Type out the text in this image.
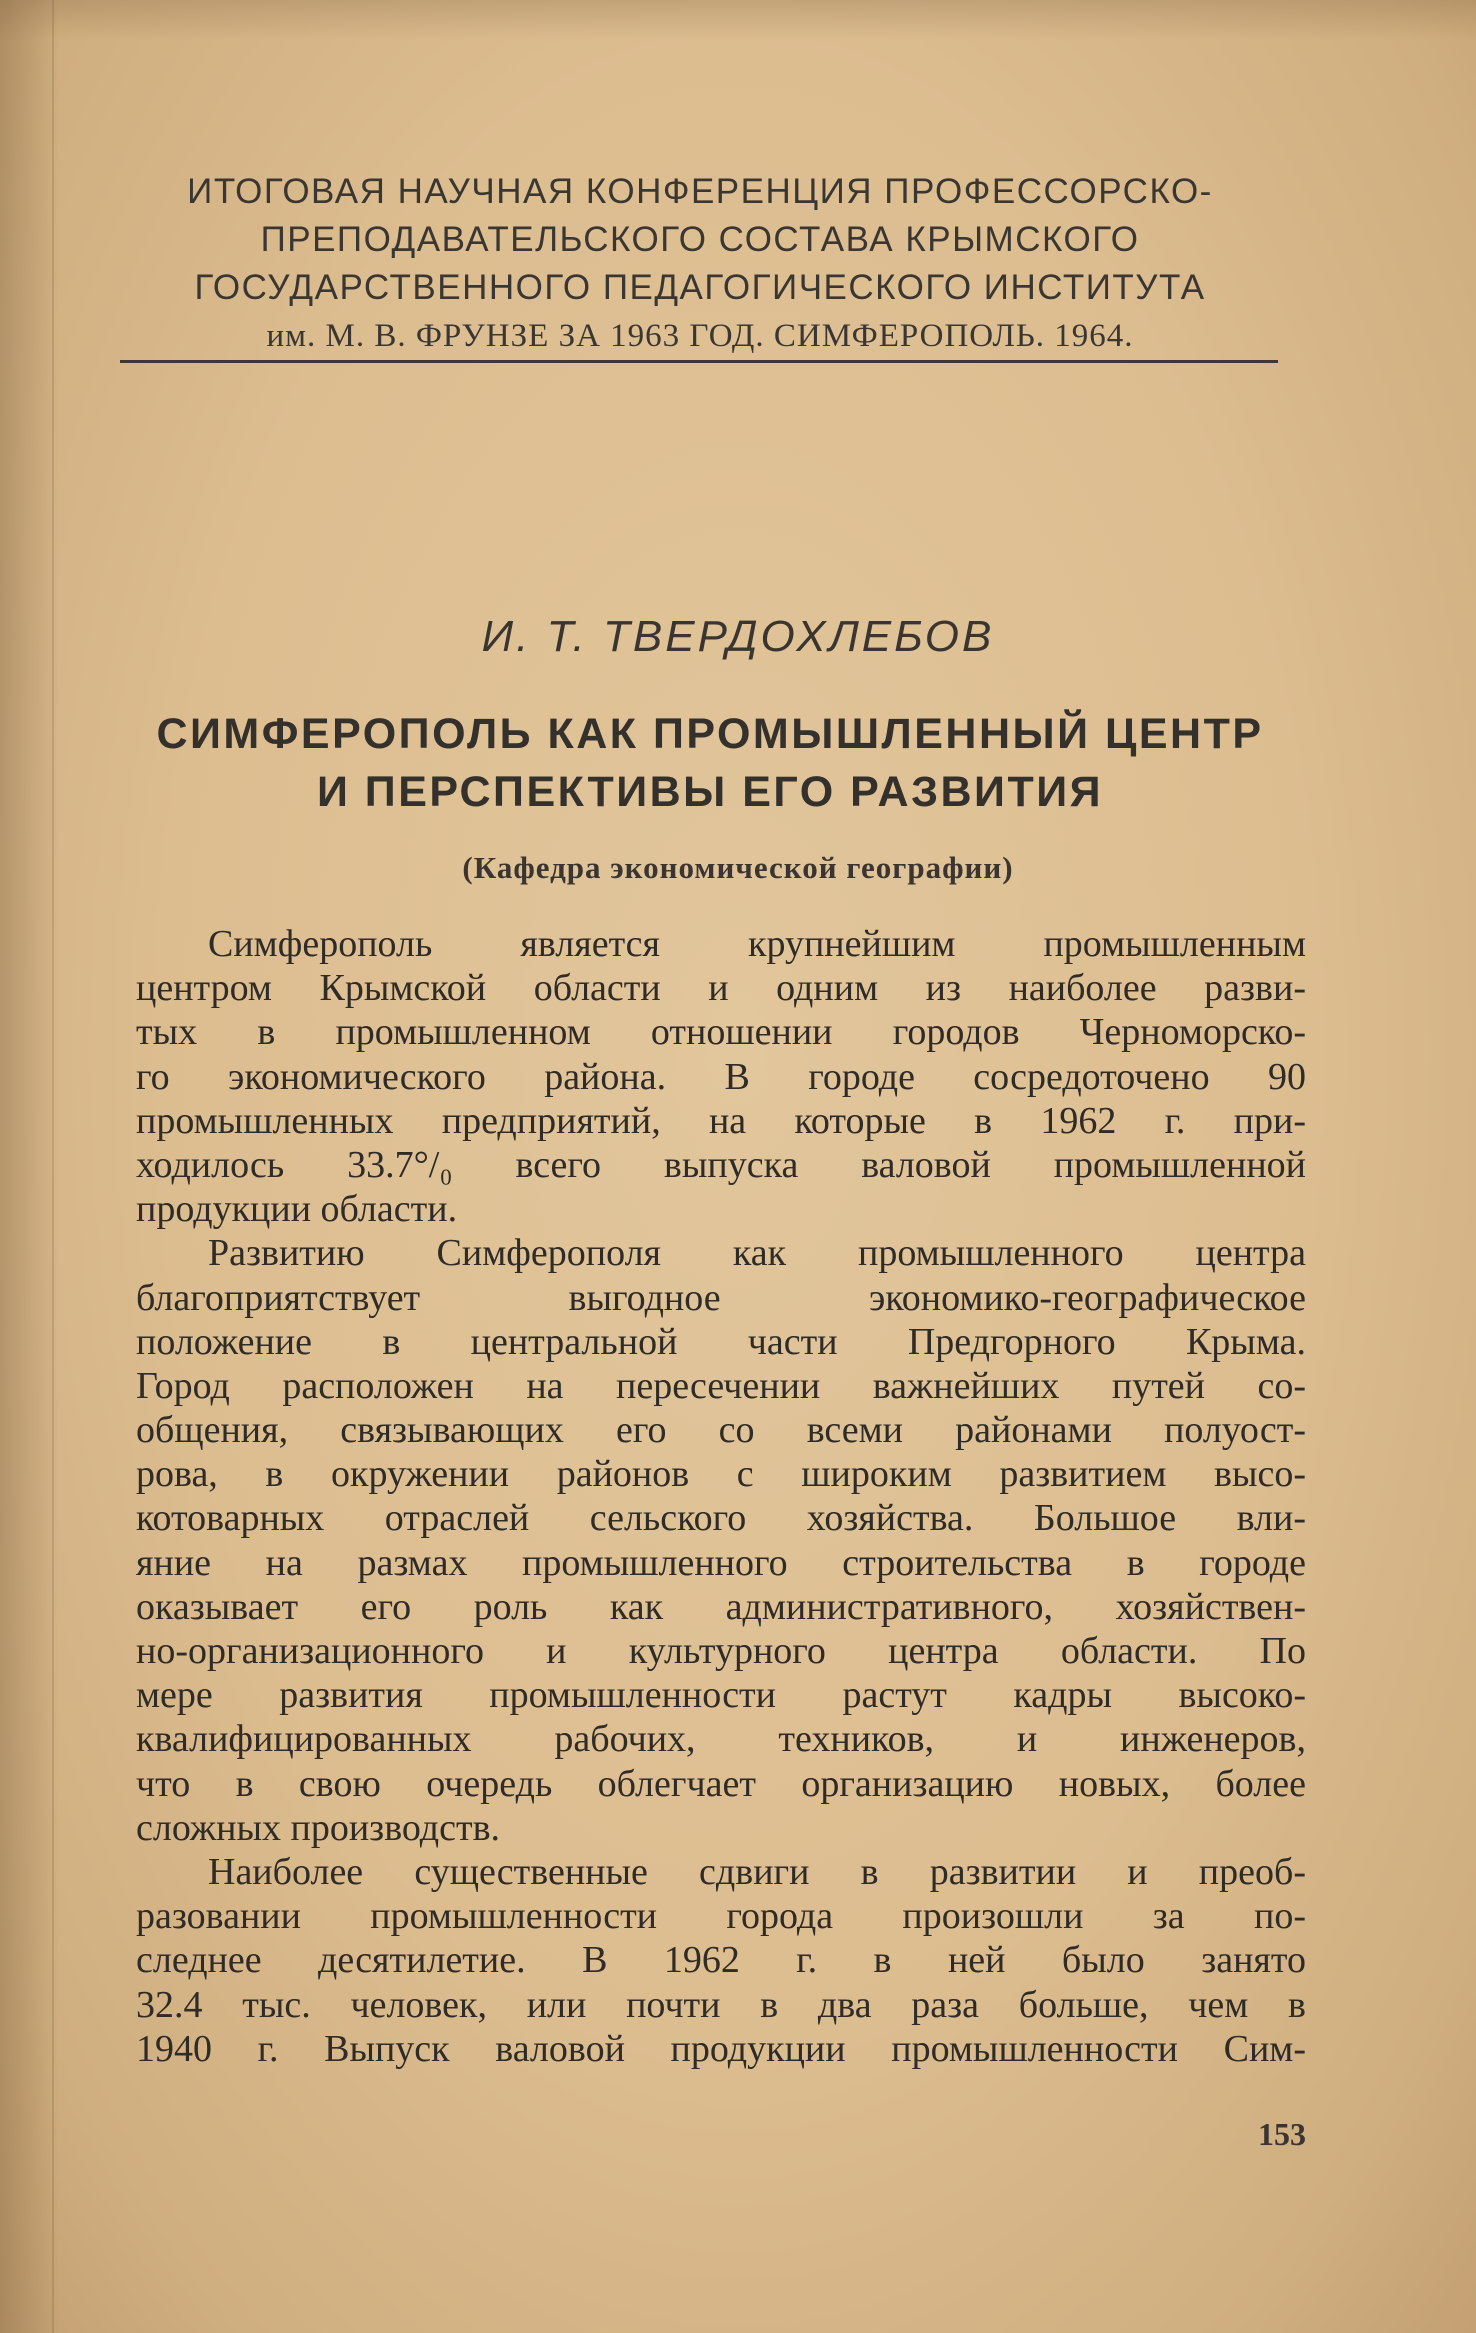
ИТОГОВАЯ НАУЧНАЯ КОНФЕРЕНЦИЯ ПРОФЕССОРСКО-
ПРЕПОДАВАТЕЛЬСКОГО СОСТАВА КРЫМСКОГО
ГОСУДАРСТВЕННОГО ПЕДАГОГИЧЕСКОГО ИНСТИТУТА
им. М. В. ФРУНЗЕ ЗА 1963 ГОД. СИМФЕРОПОЛЬ. 1964.
И. Т. ТВЕРДОХЛЕБОВ
СИМФЕРОПОЛЬ КАК ПРОМЫШЛЕННЫЙ ЦЕНТР
И ПЕРСПЕКТИВЫ ЕГО РАЗВИТИЯ
(Кафедра экономической географии)
Симферополь является крупнейшим промышленным
центром Крымской области и одним из наиболее разви-
тых в промышленном отношении городов Черноморско-
го экономического района. В городе сосредоточено 90
промышленных предприятий, на которые в 1962 г. при-
ходилось 33.7°/₀ всего выпуска валовой промышленной
продукции области.
Развитию Симферополя как промышленного центра
благоприятствует выгодное экономико-географическое
положение в центральной части Предгорного Крыма.
Город расположен на пересечении важнейших путей со-
общения, связывающих его со всеми районами полуост-
рова, в окружении районов с широким развитием высо-
котоварных отраслей сельского хозяйства. Большое вли-
яние на размах промышленного строительства в городе
оказывает его роль как административного, хозяйствен-
но-организационного и культурного центра области. По
мере развития промышленности растут кадры высоко-
квалифицированных рабочих, техников, и инженеров,
что в свою очередь облегчает организацию новых, более
сложных производств.
Наиболее существенные сдвиги в развитии и преоб-
разовании промышленности города произошли за по-
следнее десятилетие. В 1962 г. в ней было занято
32.4 тыс. человек, или почти в два раза больше, чем в
1940 г. Выпуск валовой продукции промышленности Сим-
153
